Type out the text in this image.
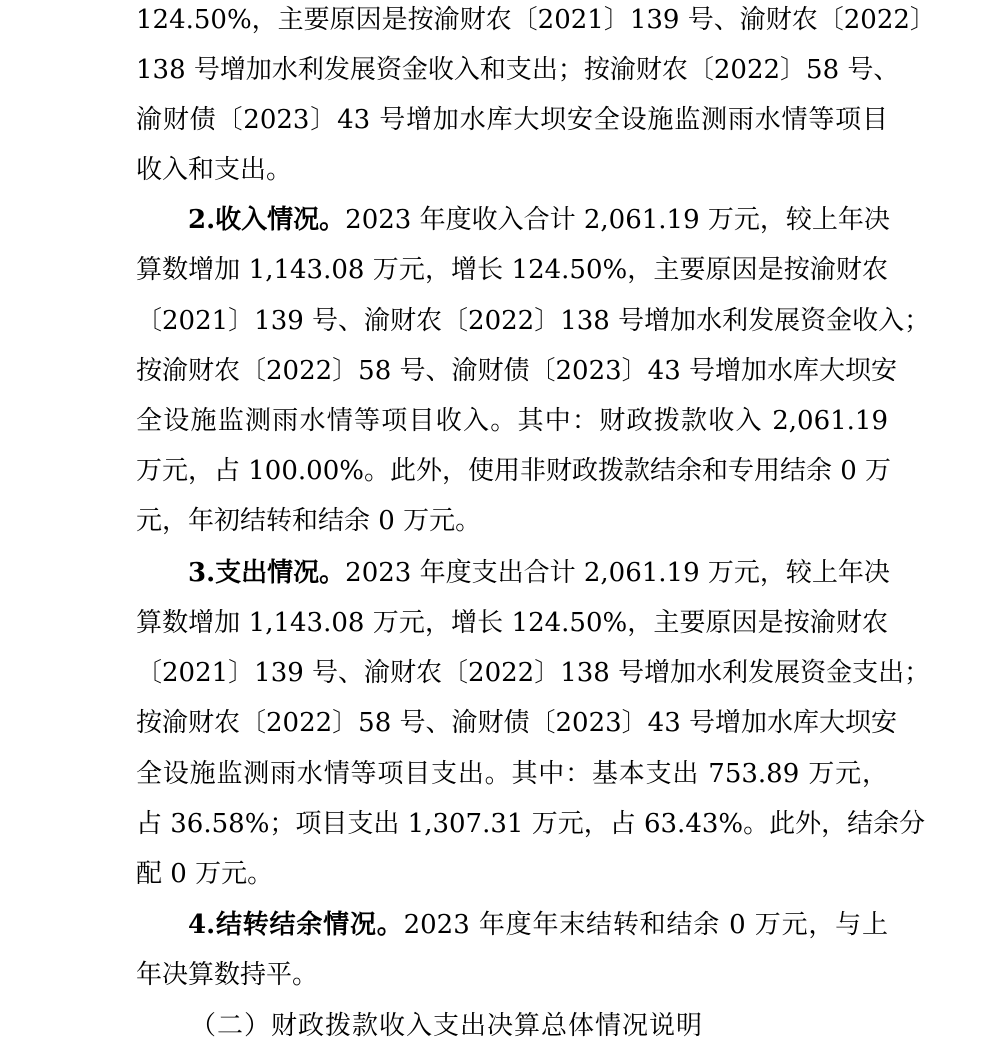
124.50%，主要原因是按渝财农〔2021〕139 号、渝财农〔2022〕
138 号增加水利发展资金收入和支出；按渝财农〔2022〕58 号、
渝财债〔2023〕43 号增加水库大坝安全设施监测雨水情等项目
收入和支出。
2.收入情况。2023 年度收入合计 2,061.19 万元，较上年决
算数增加 1,143.08 万元，增长 124.50%，主要原因是按渝财农
〔2021〕139 号、渝财农〔2022〕138 号增加水利发展资金收入；
按渝财农〔2022〕58 号、渝财债〔2023〕43 号增加水库大坝安
全设施监测雨水情等项目收入。其中：财政拨款收入 2,061.19
万元，占 100.00%。此外，使用非财政拨款结余和专用结余 0 万
元，年初结转和结余 0 万元。
3.支出情况。2023 年度支出合计 2,061.19 万元，较上年决
算数增加 1,143.08 万元，增长 124.50%，主要原因是按渝财农
〔2021〕139 号、渝财农〔2022〕138 号增加水利发展资金支出；
按渝财农〔2022〕58 号、渝财债〔2023〕43 号增加水库大坝安
全设施监测雨水情等项目支出。其中：基本支出 753.89 万元，
占 36.58%；项目支出 1,307.31 万元，占 63.43%。此外，结余分
配 0 万元。
4.结转结余情况。2023 年度年末结转和结余 0 万元，与上
年决算数持平。
（二）财政拨款收入支出决算总体情况说明
